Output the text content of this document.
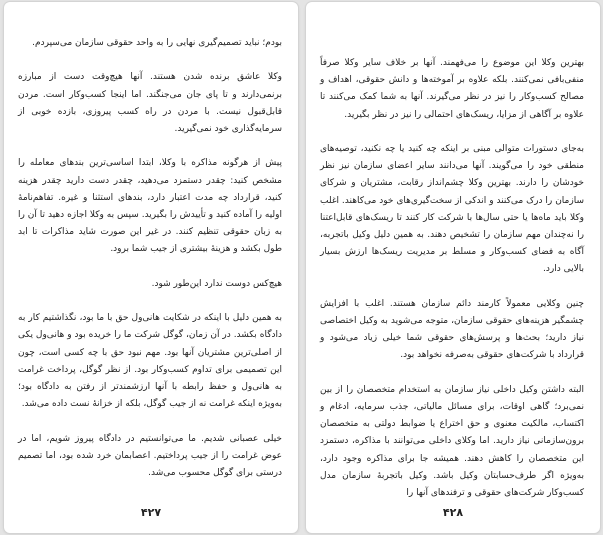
بودم؛ نباید تصمیم‌گیری نهایی را به واحد حقوقی سازمان می‌سپردم.

وکلا عاشق برنده شدن هستند. آنها هیچ‌وقت دست از مبارزه برنمی‌دارند و تا پای جان می‌جنگند. اما اینجا کسب‌وکار است. مردن قابل‌قبول نیست. با مردن در راه کسب پیروزی، بازده خوبی از سرمایه‌گذاری خود نمی‌گیرید.

پیش از هرگونه مذاکره با وکلا، ابتدا اساسی‌ترین بندهای معامله را مشخص کنید: چقدر دستمزد می‌دهید، چقدر دست دارید چقدر هزینه کنید، قرارداد چه مدت اعتبار دارد، بندهای استثنا و غیره. تفاهم‌نامهٔ اولیه را آماده کنید و تأییدش را بگیرید. سپس به وکلا اجازه دهید تا آن را به زبان حقوقی تنظیم کنند. در غیر این صورت شاید مذاکرات تا ابد طول بکشد و هزینهٔ بیشتری از جیب شما برود.

هیچ‌کس دوست ندارد این‌طور شود.

به همین دلیل با اینکه در شکایت هانی‌ول حق با ما بود، نگذاشتیم کار به دادگاه بکشد. در آن زمان، گوگل شرکت ما را خریده بود و هانی‌ول یکی از اصلی‌ترین مشتریان آنها بود. مهم نبود حق با چه کسی است، چون این تصمیمی برای تداوم کسب‌وکار بود. از نظر گوگل، پرداخت غرامت به هانی‌ول و حفظ رابطه با آنها ارزشمندتر از رفتن به دادگاه بود؛ به‌ویژه اینکه غرامت نه از جیب گوگل، بلکه از خزانهٔ نست داده می‌شد.

خیلی عصبانی شدیم. ما می‌توانستیم در دادگاه پیروز شویم، اما در عوض غرامت را از جیب پرداختیم. اعصابمان خرد شده بود، اما تصمیم درستی برای گوگل محسوب می‌شد.

۴۲۷

بهترین وکلا این موضوع را می‌فهمند. آنها بر خلاف سایر وکلا صرفاً منفی‌بافی نمی‌کنند. بلکه علاوه بر آموخته‌ها و دانش حقوقی، اهداف و مصالح کسب‌وکار را نیز در نظر می‌گیرند. آنها به شما کمک می‌کنند تا علاوه بر آگاهی از مزایا، ریسک‌های احتمالی را نیز در نظر بگیرید.

به‌جای دستورات متوالی مبنی بر اینکه چه کنید یا چه نکنید، توصیه‌های منطقی خود را می‌گویند. آنها می‌دانند سایر اعضای سازمان نیز نظر خودشان را دارند. بهترین وکلا چشم‌انداز رقابت، مشتریان و شرکای سازمان را درک می‌کنند و اندکی از سخت‌گیری‌های خود می‌کاهند. اغلب وکلا باید ماه‌ها یا حتی سال‌ها با شرکت کار کنند تا ریسک‌های قابل‌اعتنا را نه‌چندان مهم سازمان را تشخیص دهند. به همین دلیل وکیل باتجربه، آگاه به فضای کسب‌وکار و مسلط بر مدیریت ریسک‌ها ارزش بسیار بالایی دارد.

چنین وکلایی معمولاً کارمند دائم سازمان هستند. اغلب با افزایش چشمگیر هزینه‌های حقوقی سازمان، متوجه می‌شوید به وکیل اختصاصی نیاز دارید؛ بحث‌ها و پرسش‌های حقوقی شما خیلی زیاد می‌شود و قرارداد با شرکت‌های حقوقی به‌صرفه نخواهد بود.

البته داشتن وکیل داخلی نیاز سازمان به استخدام متخصصان را از بین نمی‌برد؛ گاهی اوقات، برای مسائل مالیاتی، جذب سرمایه، ادغام و اکتساب، مالکیت معنوی و حق اختراع یا ضوابط دولتی به متخصصان برون‌سازمانی نیاز دارید. اما وکلای داخلی می‌توانند با مذاکره، دستمزد این متخصصان را کاهش دهند. همیشه جا برای مذاکره وجود دارد، به‌ویژه اگر طرف‌حسابتان وکیل باشد. وکیل باتجربهٔ سازمان مدل کسب‌وکار شرکت‌های حقوقی و ترفندهای آنها را

۴۲۸
